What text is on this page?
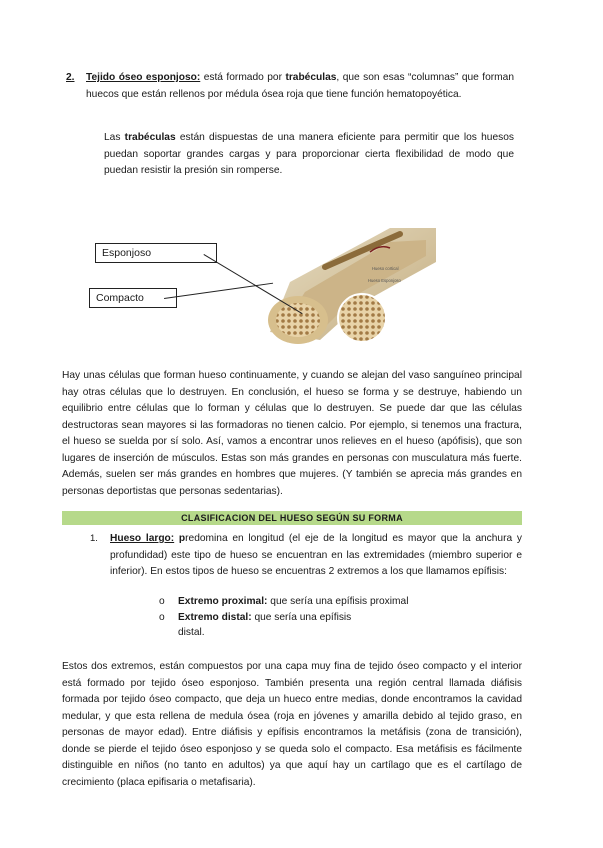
2. Tejido óseo esponjoso: está formado por trabéculas, que son esas “columnas” que forman huecos que están rellenos por médula ósea roja que tiene función hematopoyética.

Las trabéculas están dispuestas de una manera eficiente para permitir que los huesos puedan soportar grandes cargas y para proporcionar cierta flexibilidad de modo que puedan resistir la presión sin romperse.

Hueso cortical
Hueso Esponjoso
Esponjoso
Compacto

Hay unas células que forman hueso continuamente, y cuando se alejan del vaso sanguíneo principal hay otras células que lo destruyen. En conclusión, el hueso se forma y se destruye, habiendo un equilibrio entre células que lo forman y células que lo destruyen. Se puede dar que las células destructoras sean mayores si las formadoras no tienen calcio. Por ejemplo, si tenemos una fractura, el hueso se suelda por sí solo. Así, vamos a encontrar unos relieves en el hueso (apófisis), que son lugares de inserción de músculos. Estas son más grandes en personas con musculatura más fuerte. Además, suelen ser más grandes en hombres que mujeres. (Y también se aprecia más grandes en personas deportistas que personas sedentarias).

CLASIFICACION DEL HUESO SEGÚN SU FORMA
1. Hueso largo: predomina en longitud (el eje de la longitud es mayor que la anchura y profundidad) este tipo de hueso se encuentran en las extremidades (miembro superior e inferior). En estos tipos de hueso se encuentras 2 extremos a los que llamamos epífisis:

o Extremo proximal: que sería una epífisis proximal

o Extremo distal: que sería una epífisis

distal.

Estos dos extremos, están compuestos por una capa muy fina de tejido óseo compacto y el interior está formado por tejido óseo esponjoso. También presenta una región central llamada diáfisis formada por tejido óseo compacto, que deja un hueco entre medias, donde encontramos la cavidad medular, y que esta rellena de medula ósea (roja en jóvenes y amarilla debido al tejido graso, en personas de mayor edad). Entre diáfisis y epífisis encontramos la metáfisis (zona de transición), donde se pierde el tejido óseo esponjoso y se queda solo el compacto. Esa metáfisis es fácilmente distinguible en niños (no tanto en adultos) ya que aquí hay un cartílago que es el cartílago de crecimiento (placa epifisaria o metafisaria).
